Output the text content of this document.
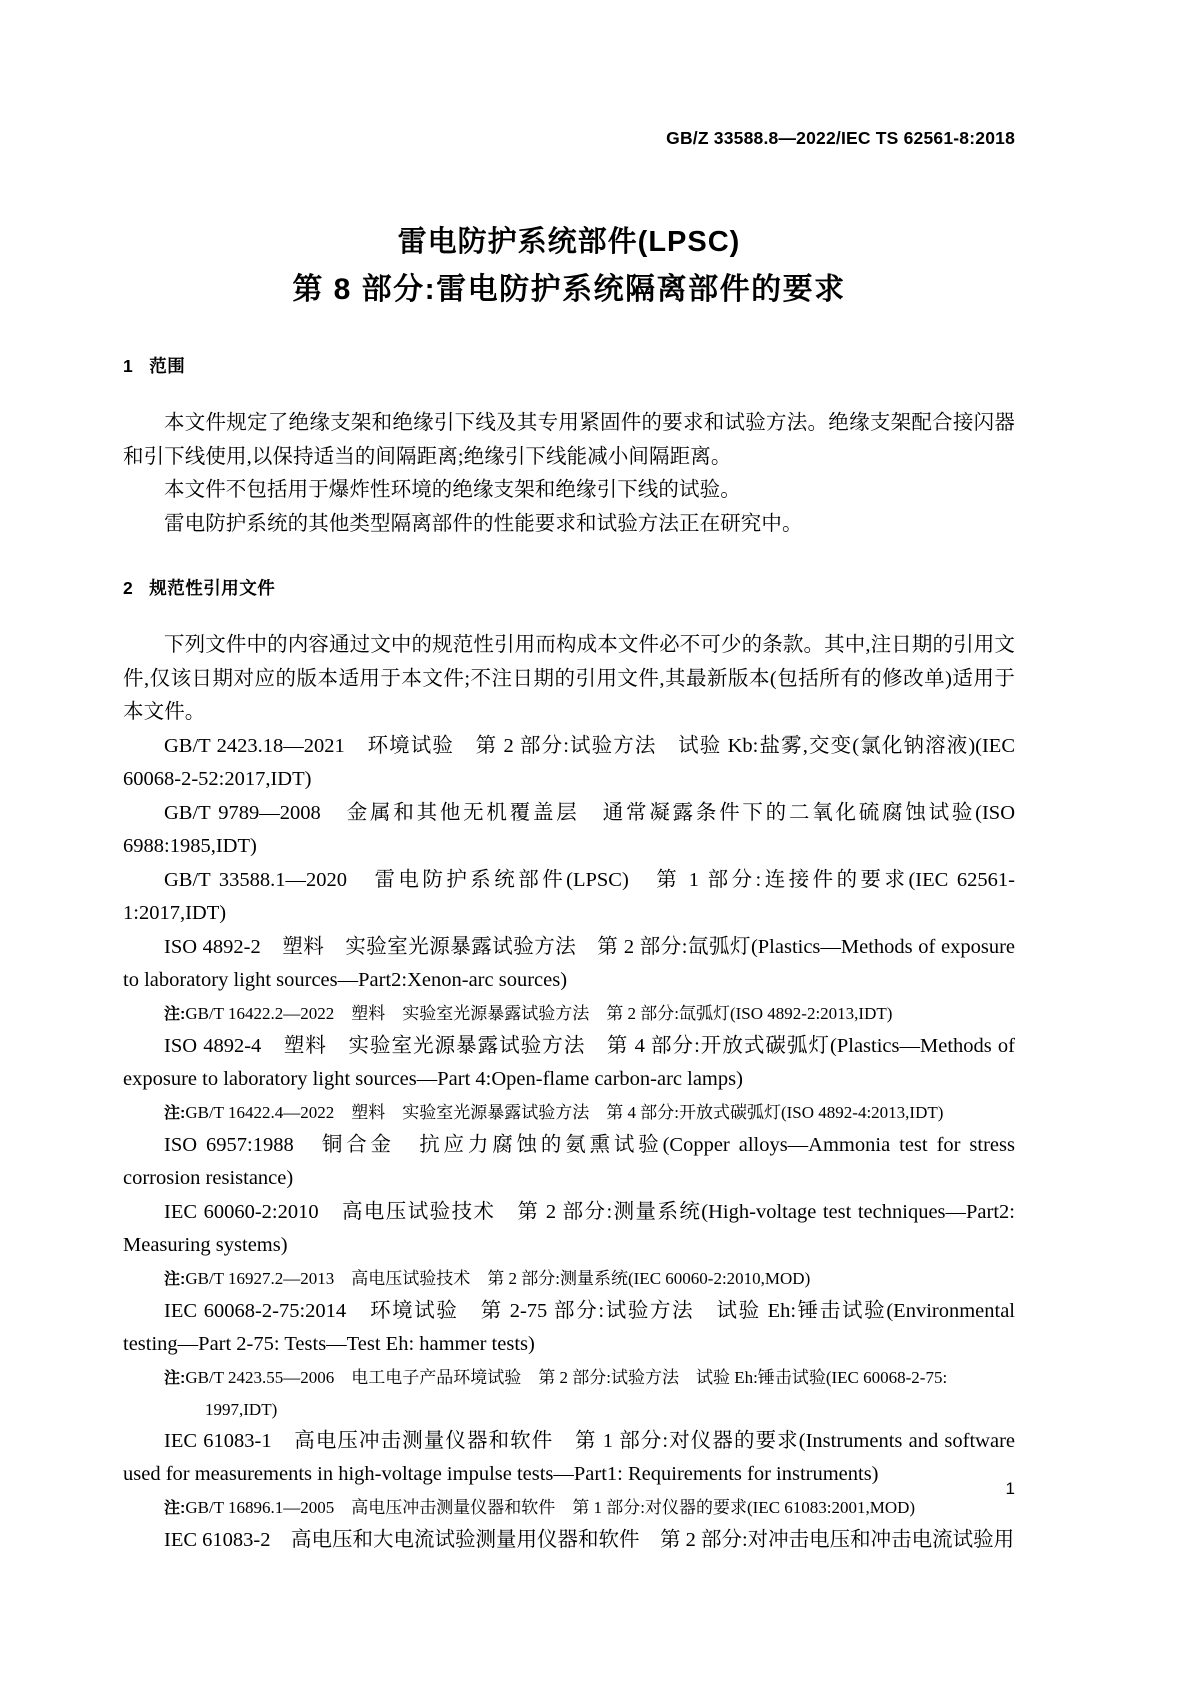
GB/Z 33588.8—2022/IEC TS 62561-8:2018
雷电防护系统部件(LPSC)
第 8 部分:雷电防护系统隔离部件的要求
1 范围

本文件规定了绝缘支架和绝缘引下线及其专用紧固件的要求和试验方法。绝缘支架配合接闪器和引下线使用,以保持适当的间隔距离;绝缘引下线能减小间隔距离。

本文件不包括用于爆炸性环境的绝缘支架和绝缘引下线的试验。

雷电防护系统的其他类型隔离部件的性能要求和试验方法正在研究中。

2 规范性引用文件

下列文件中的内容通过文中的规范性引用而构成本文件必不可少的条款。其中,注日期的引用文件,仅该日期对应的版本适用于本文件;不注日期的引用文件,其最新版本(包括所有的修改单)适用于本文件。

GB/T 2423.18—2021　环境试验　第 2 部分:试验方法　试验 Kb:盐雾,交变(氯化钠溶液)(IEC 60068-2-52:2017,IDT)

GB/T 9789—2008　金属和其他无机覆盖层　通常凝露条件下的二氧化硫腐蚀试验(ISO 6988:1985,IDT)

GB/T 33588.1—2020　雷电防护系统部件(LPSC)　第 1 部分:连接件的要求(IEC 62561-1:2017,IDT)

ISO 4892-2　塑料　实验室光源暴露试验方法　第 2 部分:氙弧灯(Plastics—Methods of exposure to laboratory light sources—Part2:Xenon-arc sources)

注:GB/T 16422.2—2022　塑料　实验室光源暴露试验方法　第 2 部分:氙弧灯(ISO 4892-2:2013,IDT)

ISO 4892-4　塑料　实验室光源暴露试验方法　第 4 部分:开放式碳弧灯(Plastics—Methods of exposure to laboratory light sources—Part 4:Open-flame carbon-arc lamps)

注:GB/T 16422.4—2022　塑料　实验室光源暴露试验方法　第 4 部分:开放式碳弧灯(ISO 4892-4:2013,IDT)

ISO 6957:1988　铜合金　抗应力腐蚀的氨熏试验(Copper alloys—Ammonia test for stress corrosion resistance)

IEC 60060-2:2010　高电压试验技术　第 2 部分:测量系统(High-voltage test techniques—Part2: Measuring systems)

注:GB/T 16927.2—2013　高电压试验技术　第 2 部分:测量系统(IEC 60060-2:2010,MOD)

IEC 60068-2-75:2014　环境试验　第 2-75 部分:试验方法　试验 Eh:锤击试验(Environmental testing—Part 2-75: Tests—Test Eh: hammer tests)

注:GB/T 2423.55—2006　电工电子产品环境试验　第 2 部分:试验方法　试验 Eh:锤击试验(IEC 60068-2-75:

1997,IDT)

IEC 61083-1　高电压冲击测量仪器和软件　第 1 部分:对仪器的要求(Instruments and software used for measurements in high-voltage impulse tests—Part1: Requirements for instruments)

注:GB/T 16896.1—2005　高电压冲击测量仪器和软件　第 1 部分:对仪器的要求(IEC 61083:2001,MOD)

IEC 61083-2　高电压和大电流试验测量用仪器和软件　第 2 部分:对冲击电压和冲击电流试验用

1
